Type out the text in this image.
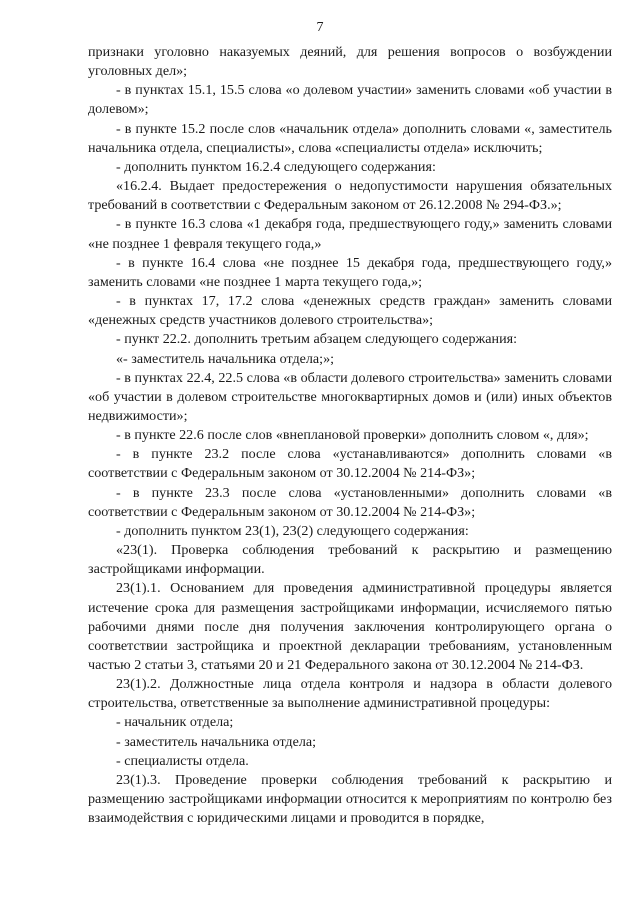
7

признаки уголовно наказуемых деяний, для решения вопросов о возбуждении уголовных дел»;

- в пунктах 15.1, 15.5 слова «о долевом участии» заменить словами «об участии в долевом»;

- в пункте 15.2 после слов «начальник отдела» дополнить словами «, заместитель начальника отдела, специалисты», слова «специалисты отдела» исключить;

- дополнить пунктом 16.2.4 следующего содержания:

«16.2.4. Выдает предостережения о недопустимости нарушения обязательных требований в соответствии с Федеральным законом от 26.12.2008 № 294-ФЗ.»;

- в пункте 16.3 слова «1 декабря года, предшествующего году,» заменить словами «не позднее 1 февраля текущего года,»

- в пункте 16.4 слова «не позднее 15 декабря года, предшествующего году,» заменить словами «не позднее 1 марта текущего года,»;

- в пунктах 17, 17.2 слова «денежных средств граждан» заменить словами «денежных средств участников долевого строительства»;

- пункт 22.2. дополнить третьим абзацем следующего содержания:

«- заместитель начальника отдела;»;

- в пунктах 22.4, 22.5 слова «в области долевого строительства» заменить словами «об участии в долевом строительстве многоквартирных домов и (или) иных объектов недвижимости»;

- в пункте 22.6 после слов «внеплановой проверки» дополнить словом «, для»;

- в пункте 23.2 после слова «устанавливаются» дополнить словами «в соответствии с Федеральным законом от 30.12.2004 № 214-ФЗ»;

- в пункте 23.3 после слова «установленными» дополнить словами «в соответствии с Федеральным законом от 30.12.2004 № 214-ФЗ»;

- дополнить пунктом 23(1), 23(2) следующего содержания:

«23(1). Проверка соблюдения требований к раскрытию и размещению застройщиками информации.

23(1).1. Основанием для проведения административной процедуры является истечение срока для размещения застройщиками информации, исчисляемого пятью рабочими днями после дня получения заключения контролирующего органа о соответствии застройщика и проектной декларации требованиям, установленным частью 2 статьи 3, статьями 20 и 21 Федерального закона от 30.12.2004 № 214-ФЗ.

23(1).2. Должностные лица отдела контроля и надзора в области долевого строительства, ответственные за выполнение административной процедуры:

- начальник отдела;

- заместитель начальника отдела;

- специалисты отдела.

23(1).3. Проведение проверки соблюдения требований к раскрытию и размещению застройщиками информации относится к мероприятиям по контролю без взаимодействия с юридическими лицами и проводится в порядке,
